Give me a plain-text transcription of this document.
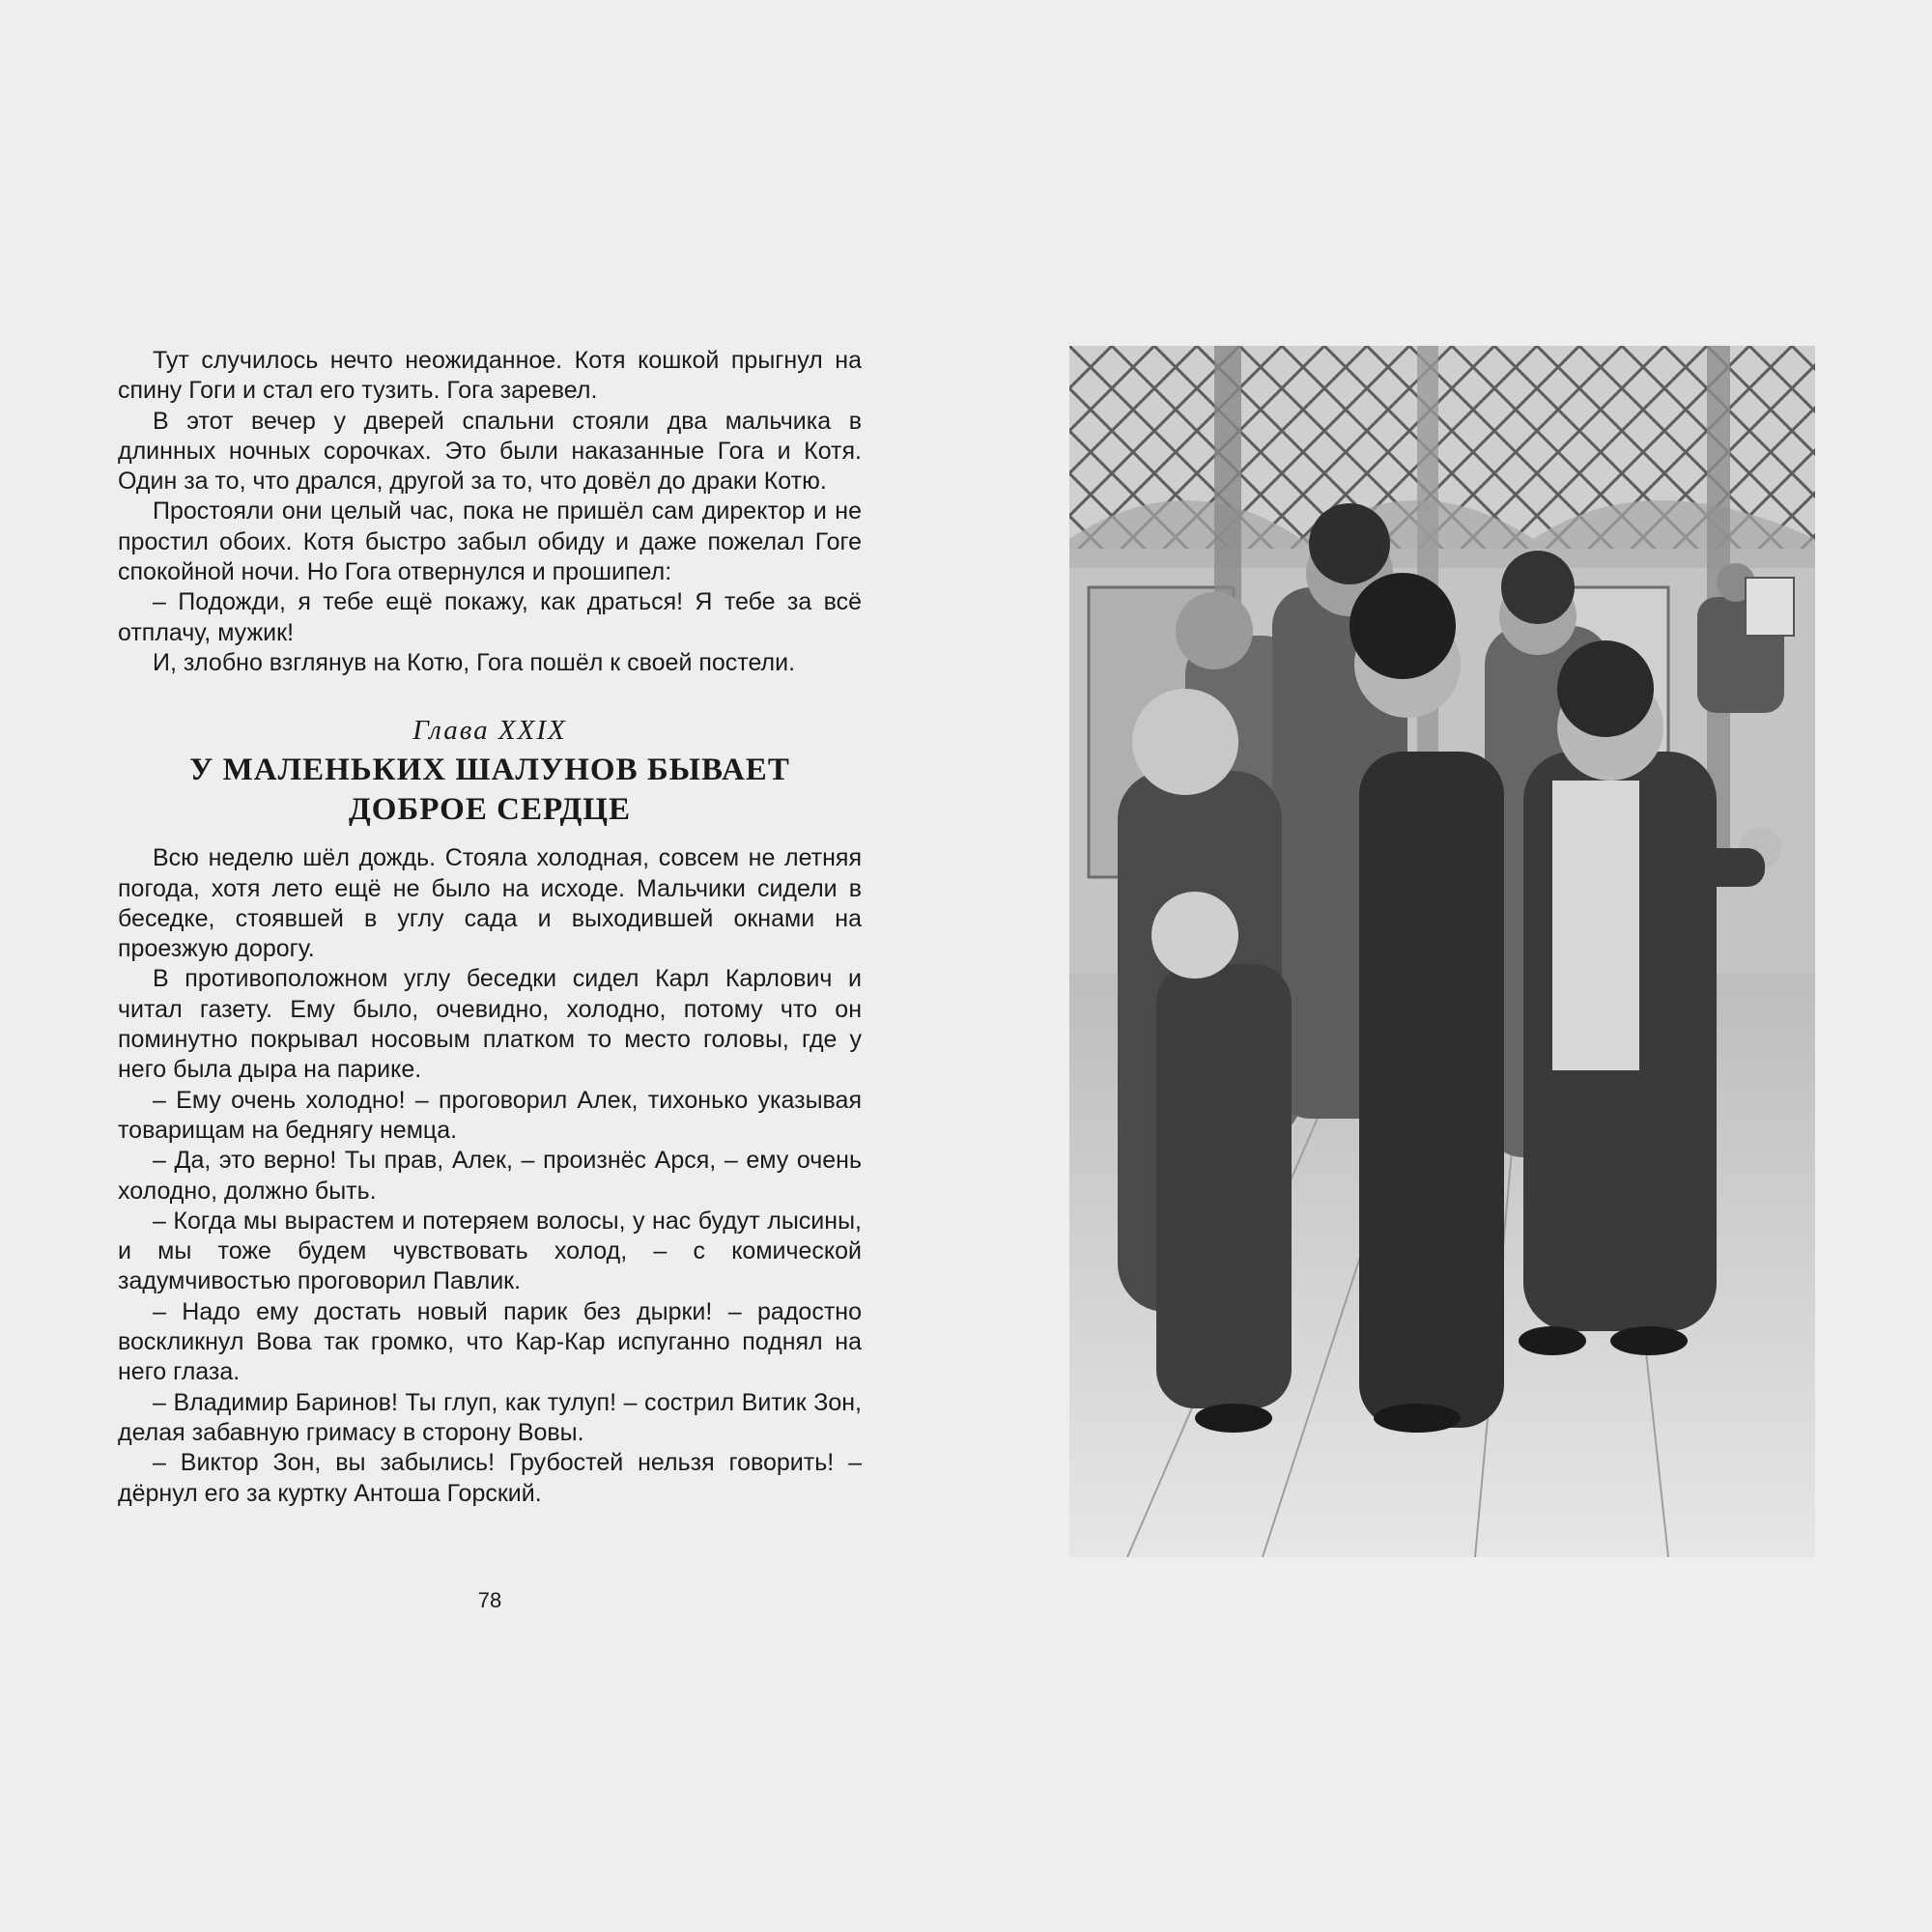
Тут случилось нечто неожиданное. Котя кошкой прыгнул на спину Гоги и стал его тузить. Гога заревел.

В этот вечер у дверей спальни стояли два мальчика в длинных ночных сорочках. Это были наказанные Гога и Котя. Один за то, что дрался, другой за то, что довёл до драки Котю.

Простояли они целый час, пока не пришёл сам директор и не простил обоих. Котя быстро забыл обиду и даже пожелал Гоге спокойной ночи. Но Гога отвернулся и прошипел:

– Подожди, я тебе ещё покажу, как драться! Я тебе за всё отплачу, мужик!

И, злобно взглянув на Котю, Гога пошёл к своей постели.

Глава XXIX
У МАЛЕНЬКИХ ШАЛУНОВ БЫВАЕТ
ДОБРОЕ СЕРДЦЕ

Всю неделю шёл дождь. Стояла холодная, совсем не летняя погода, хотя лето ещё не было на исходе. Мальчики сидели в беседке, стоявшей в углу сада и выходившей окнами на проезжую дорогу.

В противоположном углу беседки сидел Карл Карлович и читал газету. Ему было, очевидно, холодно, потому что он поминутно покрывал носовым платком то место головы, где у него была дыра на парике.

– Ему очень холодно! – проговорил Алек, тихонько указывая товарищам на беднягу немца.

– Да, это верно! Ты прав, Алек, – произнёс Арся, – ему очень холодно, должно быть.

– Когда мы вырастем и потеряем волосы, у нас будут лысины, и мы тоже будем чувствовать холод, – с комической задумчивостью проговорил Павлик.

– Надо ему достать новый парик без дырки! – радостно воскликнул Вова так громко, что Кар-Кар испуганно поднял на него глаза.

– Владимир Баринов! Ты глуп, как тулуп! – сострил Витик Зон, делая забавную гримасу в сторону Вовы.

– Виктор Зон, вы забылись! Грубостей нельзя говорить! – дёрнул его за куртку Антоша Горский.

78
